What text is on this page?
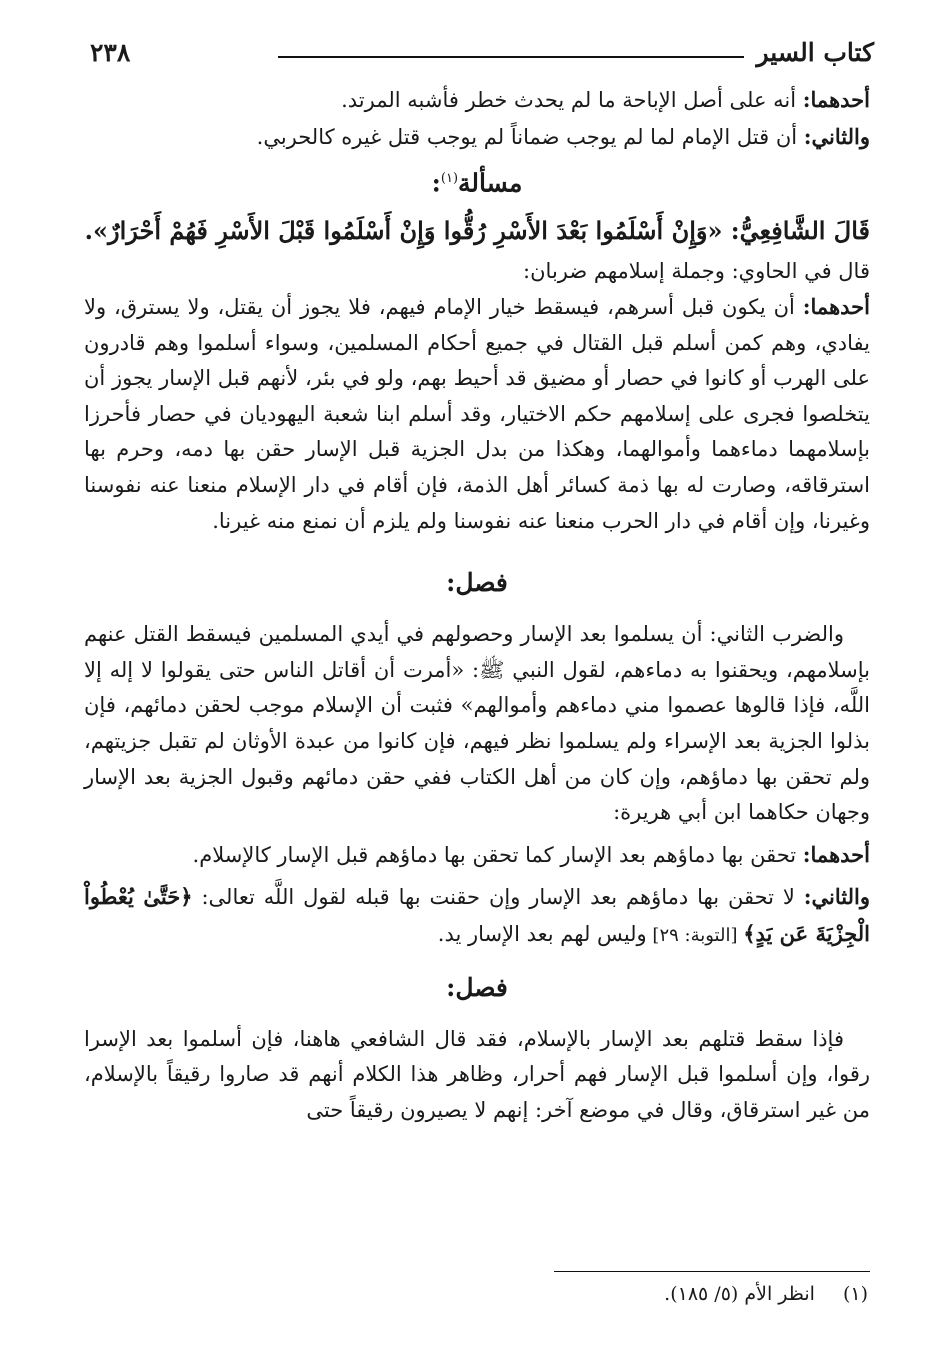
٢٣٨	كتاب السير

أحدهما: أنه على أصل الإباحة ما لم يحدث خطر فأشبه المرتد.

والثاني: أن قتل الإمام لما لم يوجب ضماناً لم يوجب قتل غيره كالحربي.

مسألة$^{(١)}$:

قَالَ الشَّافِعِيُّ: «وَإِنْ أَسْلَمُوا بَعْدَ الأَسْرِ رُقُّوا وَإِنْ أَسْلَمُوا قَبْلَ الأَسْرِ فَهُمْ أَحْرَارٌ».

قال في الحاوي: وجملة إسلامهم ضربان:

أحدهما: أن يكون قبل أسرهم، فيسقط خيار الإمام فيهم، فلا يجوز أن يقتل، ولا يسترق، ولا يفادي، وهم كمن أسلم قبل القتال في جميع أحكام المسلمين، وسواء أسلموا وهم قادرون على الهرب أو كانوا في حصار أو مضيق قد أحيط بهم، ولو في بئر، لأنهم قبل الإسار يجوز أن يتخلصوا فجرى على إسلامهم حكم الاختيار، وقد أسلم ابنا شعبة اليهوديان في حصار فأحرزا بإسلامهما دماءهما وأموالهما، وهكذا من بدل الجزية قبل الإسار حقن بها دمه، وحرم بها استرقاقه، وصارت له بها ذمة كسائر أهل الذمة، فإن أقام في دار الإسلام منعنا عنه نفوسنا وغيرنا، وإن أقام في دار الحرب منعنا عنه نفوسنا ولم يلزم أن نمنع منه غيرنا.

فصل:

والضرب الثاني: أن يسلموا بعد الإسار وحصولهم في أيدي المسلمين فيسقط القتل عنهم بإسلامهم، ويحقنوا به دماءهم، لقول النبي ﷺ: «أمرت أن أقاتل الناس حتى يقولوا لا إله إلا اللَّه، فإذا قالوها عصموا مني دماءهم وأموالهم» فثبت أن الإسلام موجب لحقن دمائهم، فإن بذلوا الجزية بعد الإسراء ولم يسلموا نظر فيهم، فإن كانوا من عبدة الأوثان لم تقبل جزيتهم، ولم تحقن بها دماؤهم، وإن كان من أهل الكتاب ففي حقن دمائهم وقبول الجزية بعد الإسار وجهان حكاهما ابن أبي هريرة:

أحدهما: تحقن بها دماؤهم بعد الإسار كما تحقن بها دماؤهم قبل الإسار كالإسلام.

والثاني: لا تحقن بها دماؤهم بعد الإسار وإن حقنت بها قبله لقول اللَّه تعالى: ﴿حَتَّىٰ يُعْطُواْ الْجِزْيَةَ عَن يَدٍ﴾ [التوبة: ٢٩] وليس لهم بعد الإسار يد.

فصل:

فإذا سقط قتلهم بعد الإسار بالإسلام، فقد قال الشافعي هاهنا، فإن أسلموا بعد الإسرا رقوا، وإن أسلموا قبل الإسار فهم أحرار، وظاهر هذا الكلام أنهم قد صاروا رقيقاً بالإسلام، من غير استرقاق، وقال في موضع آخر: إنهم لا يصيرون رقيقاً حتى

(١)انظر الأم (٥/ ١٨٥).
